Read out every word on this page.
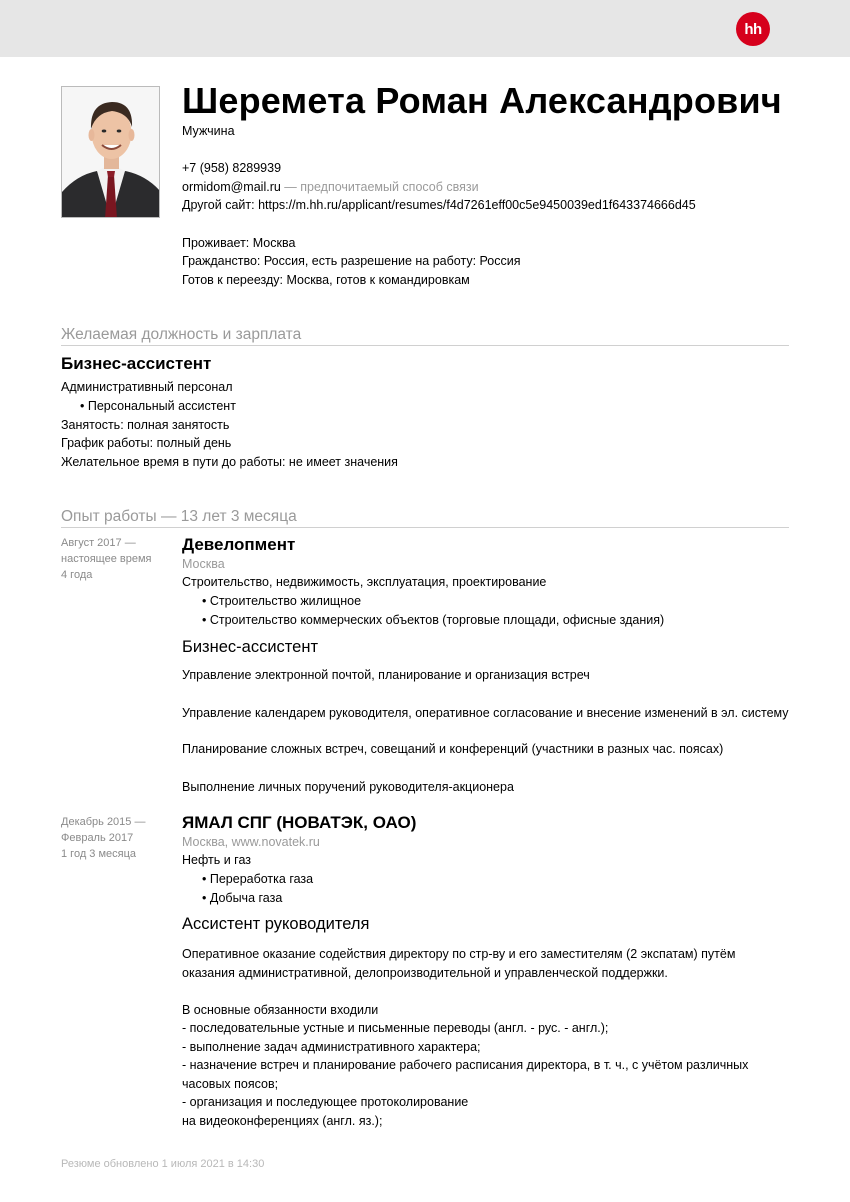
hh
Шеремета Роман Александрович
Мужчина
+7 (958) 8289939
ormidom@mail.ru — предпочитаемый способ связи
Другой сайт: https://m.hh.ru/applicant/resumes/f4d7261eff00c5e9450039ed1f643374666d45
Проживает: Москва
Гражданство: Россия, есть разрешение на работу: Россия
Готов к переезду: Москва, готов к командировкам
Желаемая должность и зарплата
Бизнес-ассистент
Административный персонал
• Персональный ассистент
Занятость: полная занятость
График работы: полный день
Желательное время в пути до работы: не имеет значения
Опыт работы — 13 лет 3 месяца
Август 2017 —
настоящее время
4 года
Девелопмент
Москва
Строительство, недвижимость, эксплуатация, проектирование
• Строительство жилищное
• Строительство коммерческих объектов (торговые площади, офисные здания)
Бизнес-ассистент
Управление электронной почтой, планирование и организация встреч
Управление календарем руководителя, оперативное согласование и внесение изменений в эл. систему
Планирование сложных встреч, совещаний и конференций (участники в разных час. поясах)
Выполнение личных поручений руководителя-акционера
Декабрь 2015 —
Февраль 2017
1 год 3 месяца
ЯМАЛ СПГ (НОВАТЭК, ОАО)
Москва, www.novatek.ru
Нефть и газ
• Переработка газа
• Добыча газа
Ассистент руководителя
Оперативное оказание содействия директору по стр-ву и его заместителям (2 экспатам) путём
оказания административной, делопроизводительной и управленческой поддержки.
В основные обязанности входили
- последовательные устные и письменные переводы (англ. - рус. - англ.);
- выполнение задач административного характера;
- назначение встреч и планирование рабочего расписания директора, в т. ч., с учётом различных
часовых поясов;
- организация и последующее протоколирование
на видеоконференциях (англ. яз.);
Резюме обновлено 1 июля 2021 в 14:30
